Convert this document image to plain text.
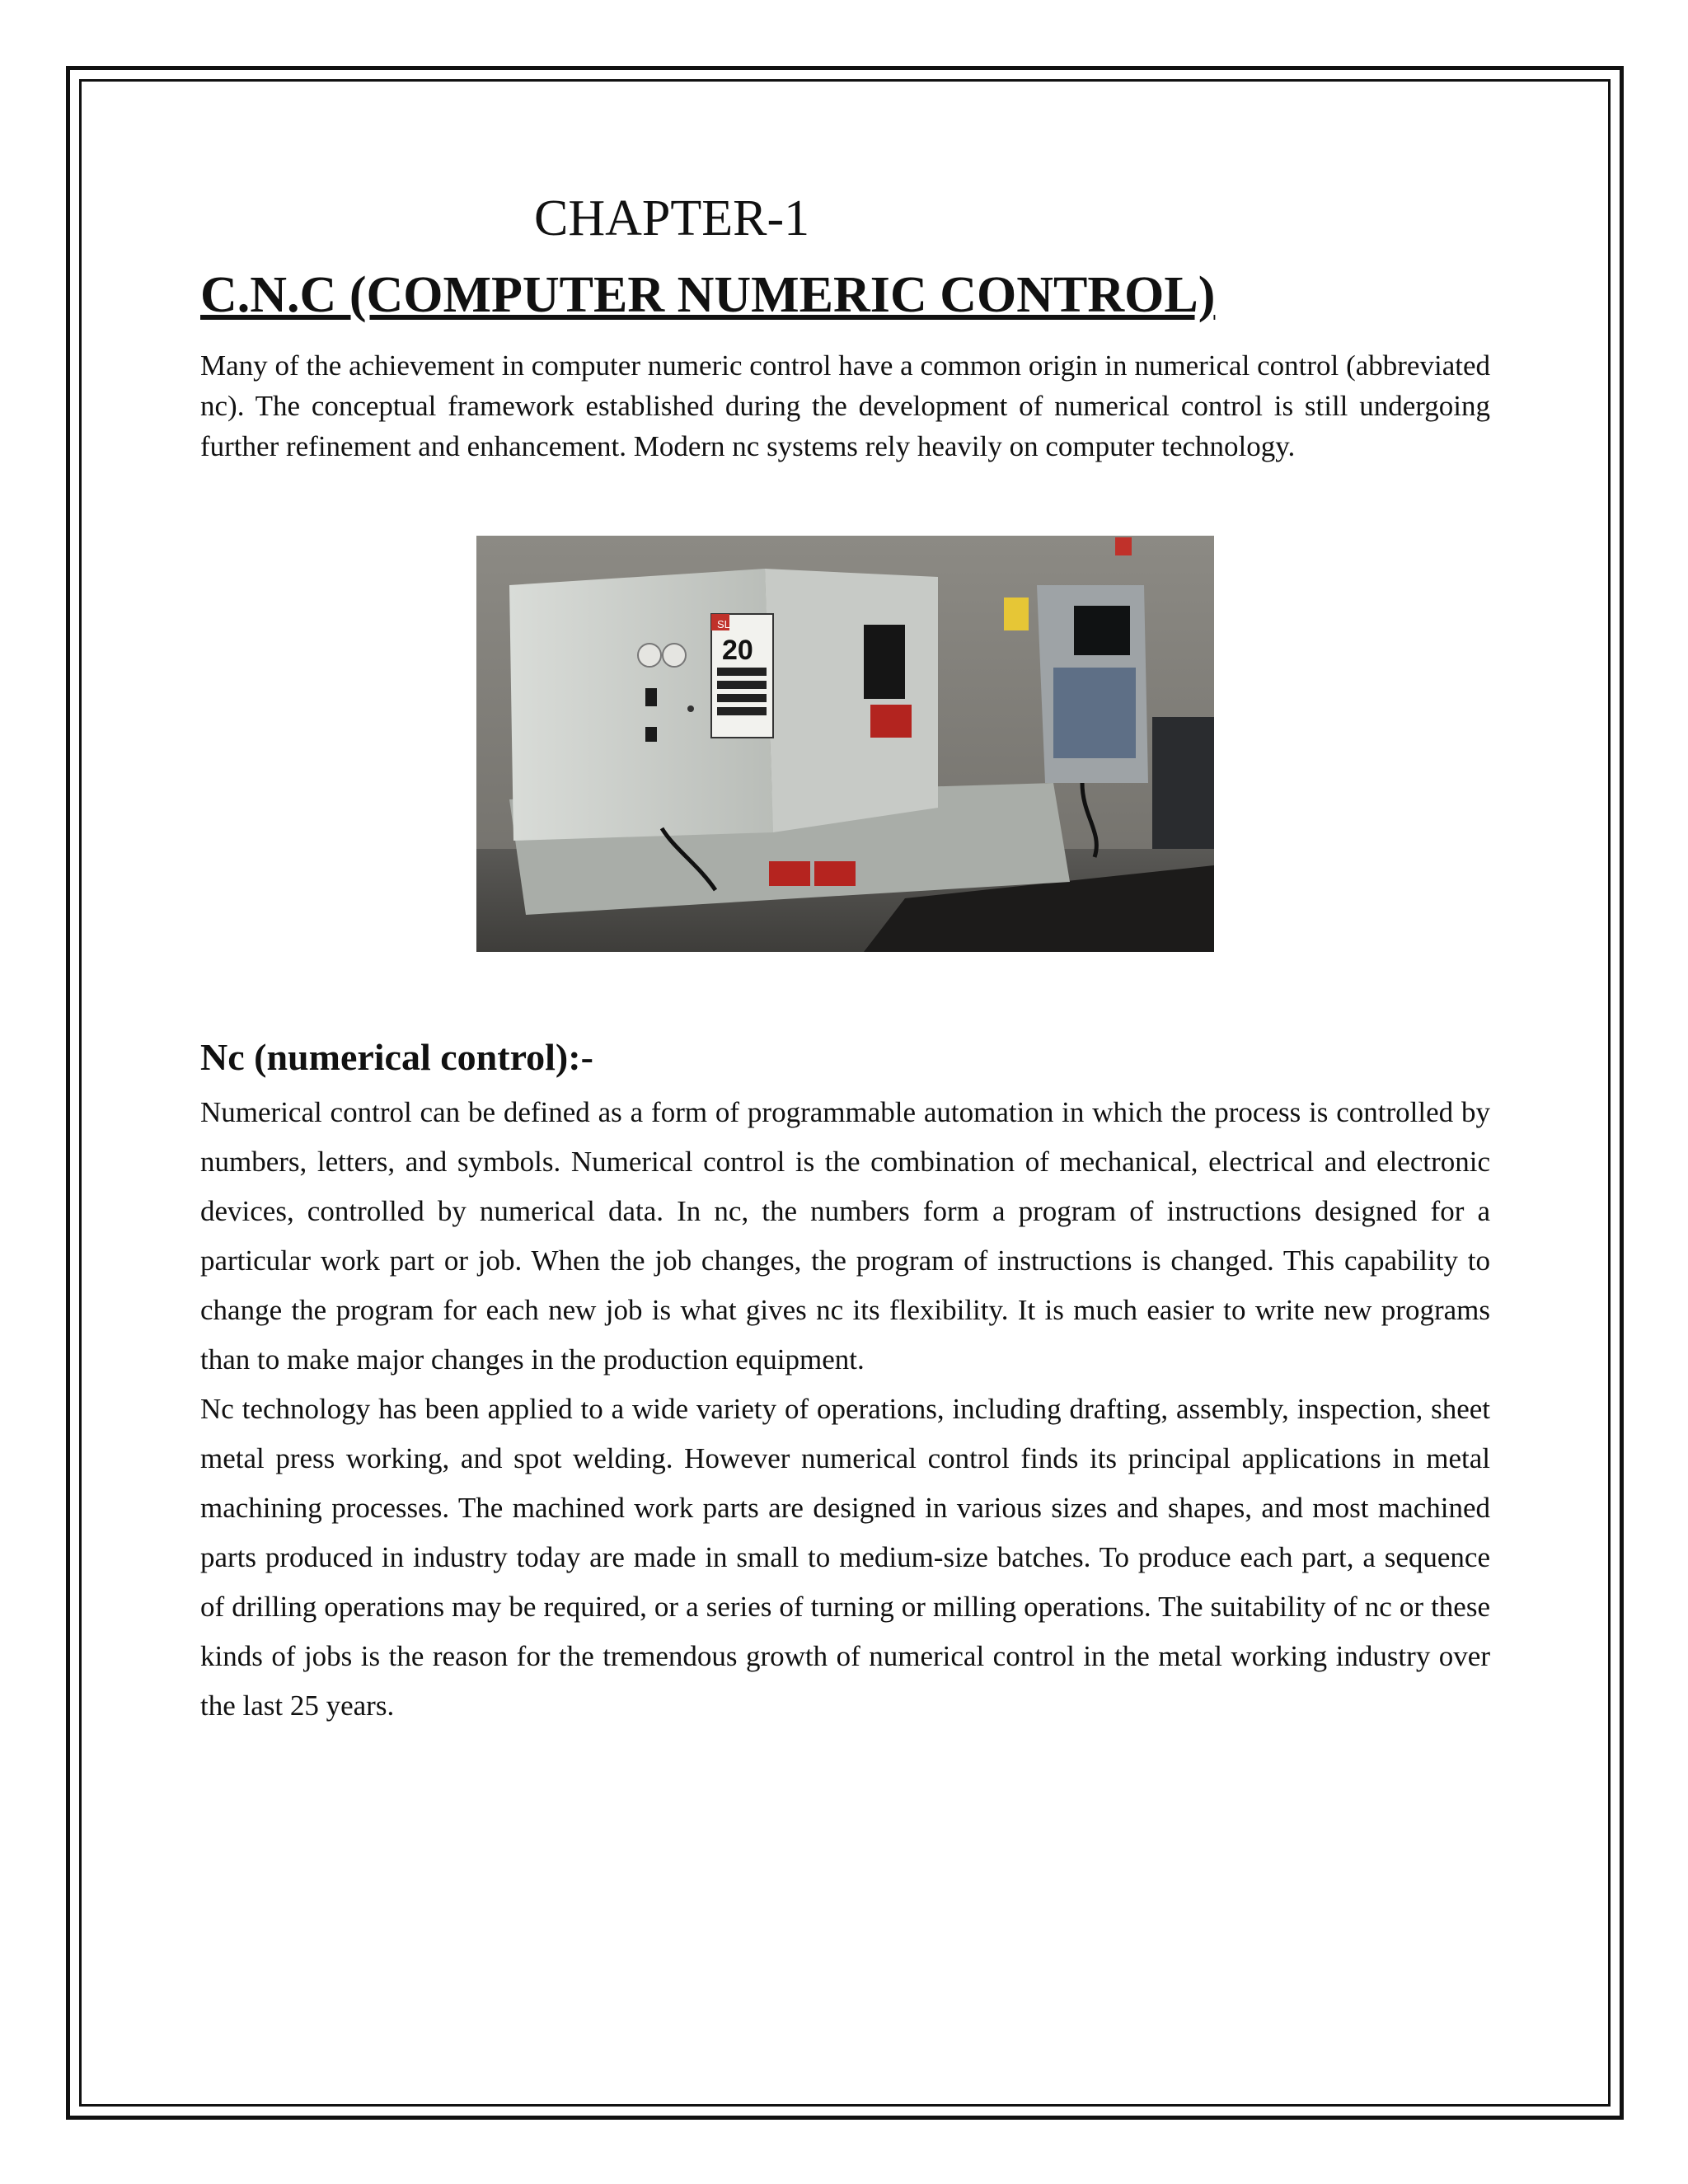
CHAPTER-1
C.N.C (COMPUTER NUMERIC CONTROL)

Many of the achievement in computer numeric control have a common origin in numerical control (abbreviated nc). The conceptual framework established during the development of numerical control is still undergoing further refinement and enhancement. Modern nc systems rely heavily on computer technology.

SL
20
Nc (numerical control):-

Numerical control can be defined as a form of programmable automation in which the process is controlled by numbers, letters, and symbols. Numerical control is the combination of mechanical, electrical and electronic devices, controlled by numerical data. In nc, the numbers form a program of instructions designed for a particular work part or job. When the job changes, the program of instructions is changed. This capability to change the program for each new job is what gives nc its flexibility. It is much easier to write new programs than to make major changes in the production equipment.

Nc technology has been applied to a wide variety of operations, including drafting, assembly, inspection, sheet metal press working, and spot welding. However numerical control finds its principal applications in metal machining processes. The machined work parts are designed in various sizes and shapes, and most machined parts produced in industry today are made in small to medium-size batches. To produce each part, a sequence of drilling operations may be required, or a series of turning or milling operations. The suitability of nc or these kinds of jobs is the reason for the tremendous growth of numerical control in the metal working industry over the last 25 years.
